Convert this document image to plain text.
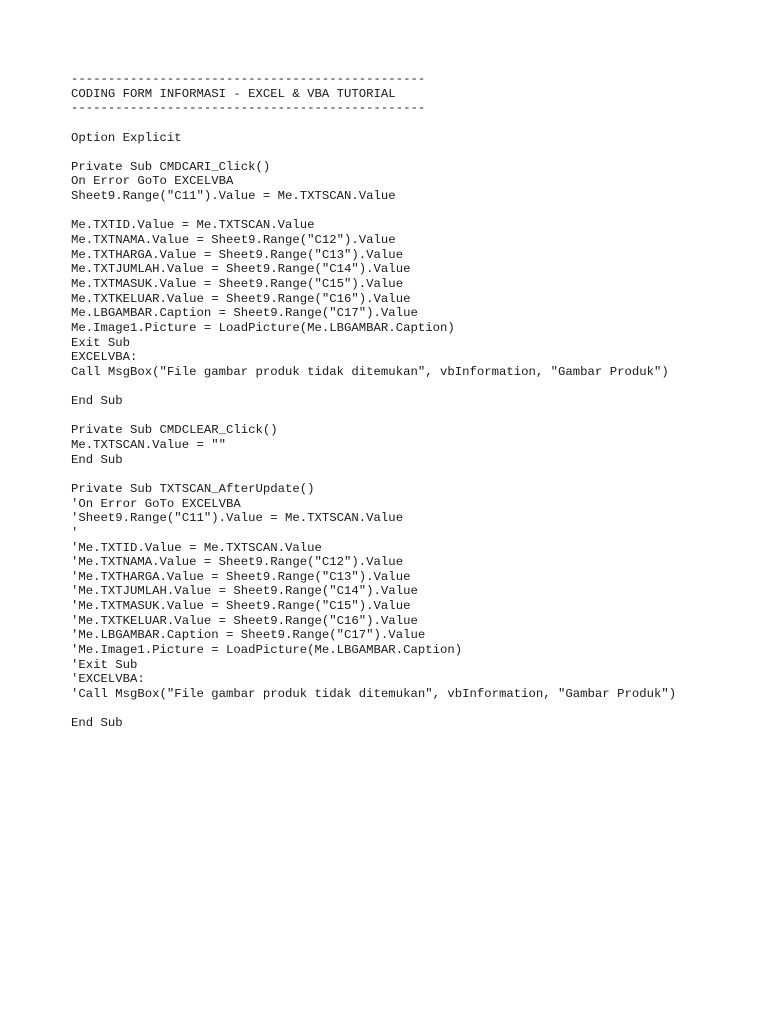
------------------------------------------------
CODING FORM INFORMASI - EXCEL & VBA TUTORIAL
------------------------------------------------
Option Explicit
Private Sub CMDCARI_Click()
On Error GoTo EXCELVBA
Sheet9.Range("C11").Value = Me.TXTSCAN.Value
Me.TXTID.Value = Me.TXTSCAN.Value
Me.TXTNAMA.Value = Sheet9.Range("C12").Value
Me.TXTHARGA.Value = Sheet9.Range("C13").Value
Me.TXTJUMLAH.Value = Sheet9.Range("C14").Value
Me.TXTMASUK.Value = Sheet9.Range("C15").Value
Me.TXTKELUAR.Value = Sheet9.Range("C16").Value
Me.LBGAMBAR.Caption = Sheet9.Range("C17").Value
Me.Image1.Picture = LoadPicture(Me.LBGAMBAR.Caption)
Exit Sub
EXCELVBA:
Call MsgBox("File gambar produk tidak ditemukan", vbInformation, "Gambar Produk")
End Sub
Private Sub CMDCLEAR_Click()
Me.TXTSCAN.Value = ""
End Sub
Private Sub TXTSCAN_AfterUpdate()
'On Error GoTo EXCELVBA
'Sheet9.Range("C11").Value = Me.TXTSCAN.Value
'
'Me.TXTID.Value = Me.TXTSCAN.Value
'Me.TXTNAMA.Value = Sheet9.Range("C12").Value
'Me.TXTHARGA.Value = Sheet9.Range("C13").Value
'Me.TXTJUMLAH.Value = Sheet9.Range("C14").Value
'Me.TXTMASUK.Value = Sheet9.Range("C15").Value
'Me.TXTKELUAR.Value = Sheet9.Range("C16").Value
'Me.LBGAMBAR.Caption = Sheet9.Range("C17").Value
'Me.Image1.Picture = LoadPicture(Me.LBGAMBAR.Caption)
'Exit Sub
'EXCELVBA:
'Call MsgBox("File gambar produk tidak ditemukan", vbInformation, "Gambar Produk")
End Sub
